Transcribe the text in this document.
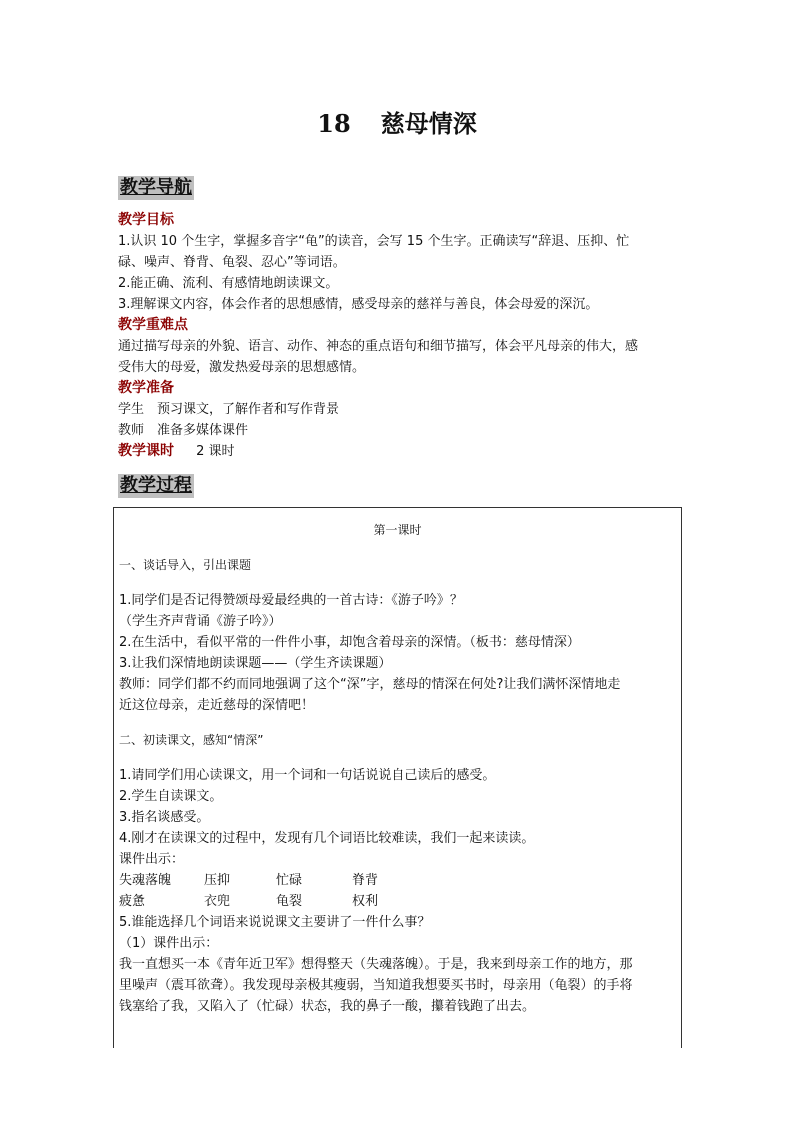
18 慈母情深
教学导航
教学目标
1.认识 10 个生字，掌握多音字“龟”的读音，会写 15 个生字。正确读写“辞退、压抑、忙
碌、噪声、脊背、龟裂、忍心”等词语。
2.能正确、流利、有感情地朗读课文。
3.理解课文内容，体会作者的思想感情，感受母亲的慈祥与善良，体会母爱的深沉。
教学重难点
通过描写母亲的外貌、语言、动作、神态的重点语句和细节描写，体会平凡母亲的伟大，感
受伟大的母爱，激发热爱母亲的思想感情。
教学准备
学生　预习课文，了解作者和写作背景
教师　准备多媒体课件
教学课时 2 课时
教学过程
第一课时
一、谈话导入，引出课题
1.同学们是否记得赞颂母爱最经典的一首古诗：《游子吟》？
（学生齐声背诵《游子吟》）
2.在生活中，看似平常的一件件小事，却饱含着母亲的深情。（板书：慈母情深）
3.让我们深情地朗读课题——（学生齐读课题）
教师：同学们都不约而同地强调了这个“深”字，慈母的情深在何处?让我们满怀深情地走
近这位母亲，走近慈母的深情吧！
二、初读课文，感知“情深”
1.请同学们用心读课文，用一个词和一句话说说自己读后的感受。
2.学生自读课文。
3.指名谈感受。
4.刚才在读课文的过程中，发现有几个词语比较难读，我们一起来读读。
课件出示：
失魂落魄	压抑	忙碌	脊背
疲惫	衣兜	龟裂	权利
5.谁能选择几个词语来说说课文主要讲了一件什么事？
（1）课件出示：
我一直想买一本《青年近卫军》想得整天（失魂落魄）。于是，我来到母亲工作的地方，那
里噪声（震耳欲聋）。我发现母亲极其瘦弱，当知道我想要买书时，母亲用（龟裂）的手将
钱塞给了我，又陷入了（忙碌）状态，我的鼻子一酸，攥着钱跑了出去。
